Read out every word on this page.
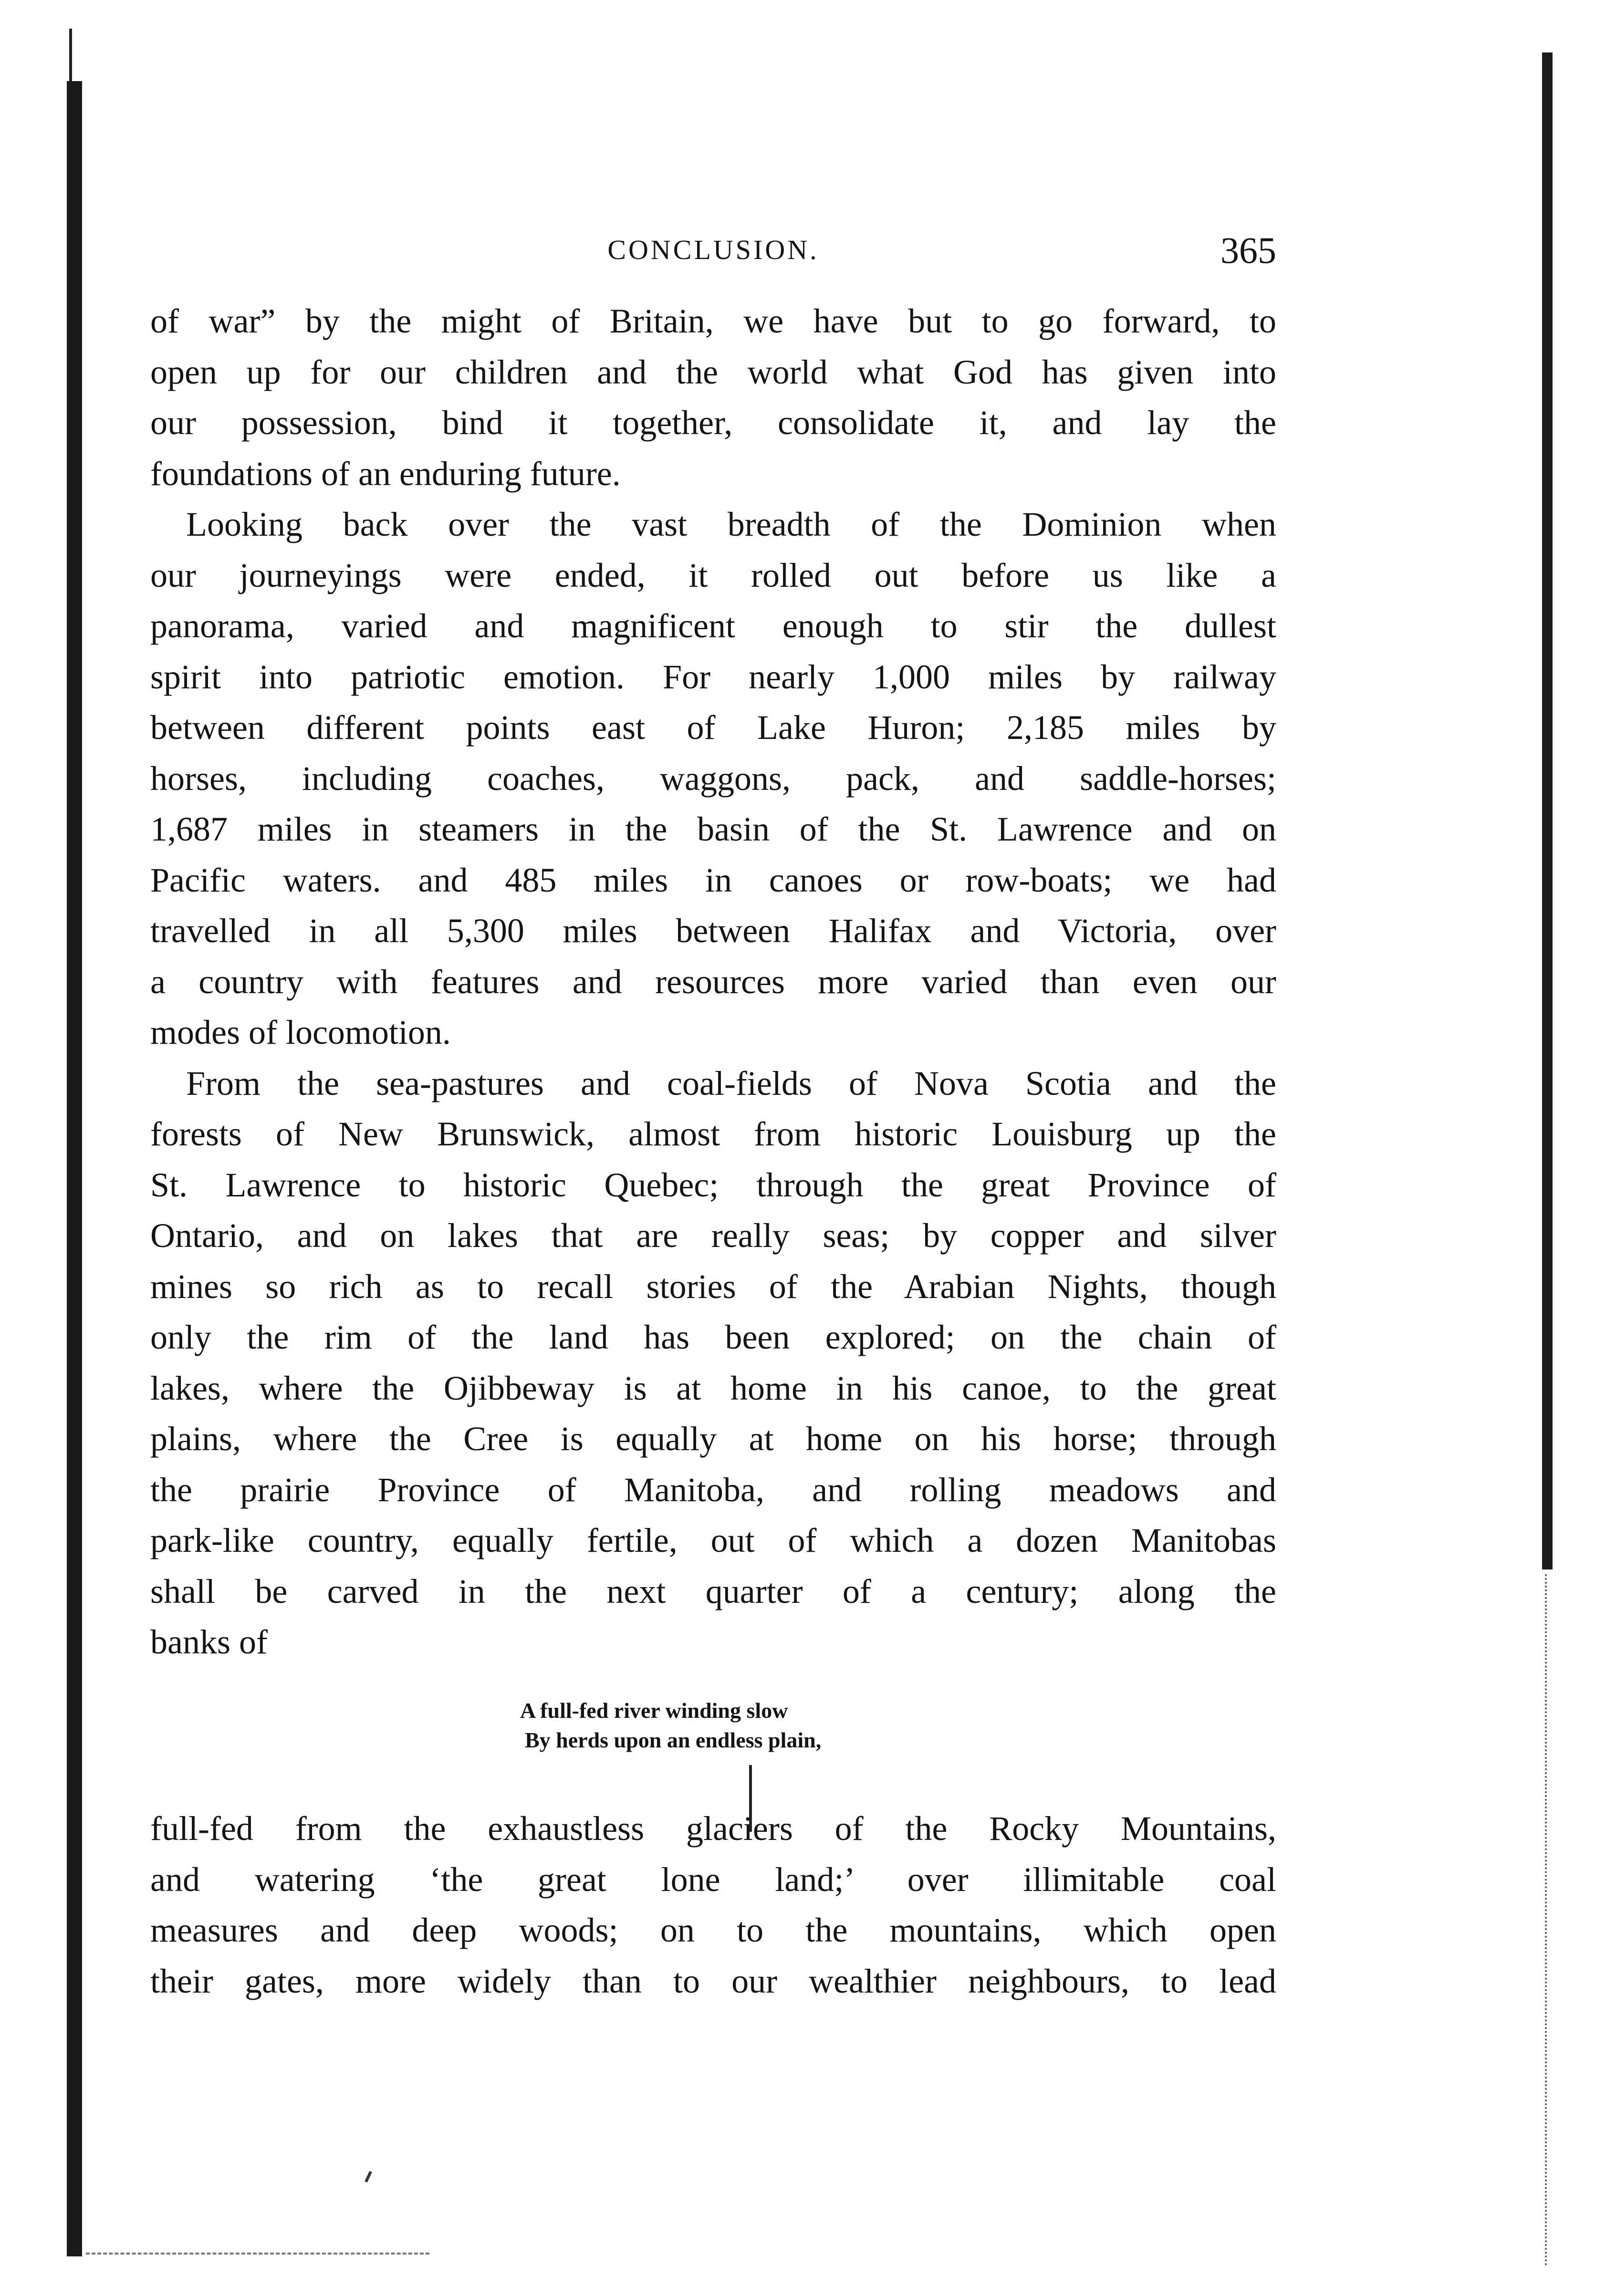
CONCLUSION.	365
of war” by the might of Britain, we have but to go forward, to
open up for our children and the world what God has given into
our possession, bind it together, consolidate it, and lay the
foundations of an enduring future.
Looking back over the vast breadth of the Dominion when
our journeyings were ended, it rolled out before us like a
panorama, varied and magnificent enough to stir the dullest
spirit into patriotic emotion. For nearly 1,000 miles by railway
between different points east of Lake Huron; 2,185 miles by
horses, including coaches, waggons, pack, and saddle-horses;
1,687 miles in steamers in the basin of the St. Lawrence and on
Pacific waters. and 485 miles in canoes or row-boats; we had
travelled in all 5,300 miles between Halifax and Victoria, over
a country with features and resources more varied than even our
modes of locomotion.
From the sea-pastures and coal-fields of Nova Scotia and the
forests of New Brunswick, almost from historic Louisburg up the
St. Lawrence to historic Quebec; through the great Province of
Ontario, and on lakes that are really seas; by copper and silver
mines so rich as to recall stories of the Arabian Nights, though
only the rim of the land has been explored; on the chain of
lakes, where the Ojibbeway is at home in his canoe, to the great
plains, where the Cree is equally at home on his horse; through
the prairie Province of Manitoba, and rolling meadows and
park-like country, equally fertile, out of which a dozen Manitobas
shall be carved in the next quarter of a century; along the
banks of
A full-fed river winding slow
By herds upon an endless plain,
full-fed from the exhaustless glaciers of the Rocky Mountains,
and watering ‘the great lone land;’ over illimitable coal
measures and deep woods; on to the mountains, which open
their gates, more widely than to our wealthier neighbours, to lead
